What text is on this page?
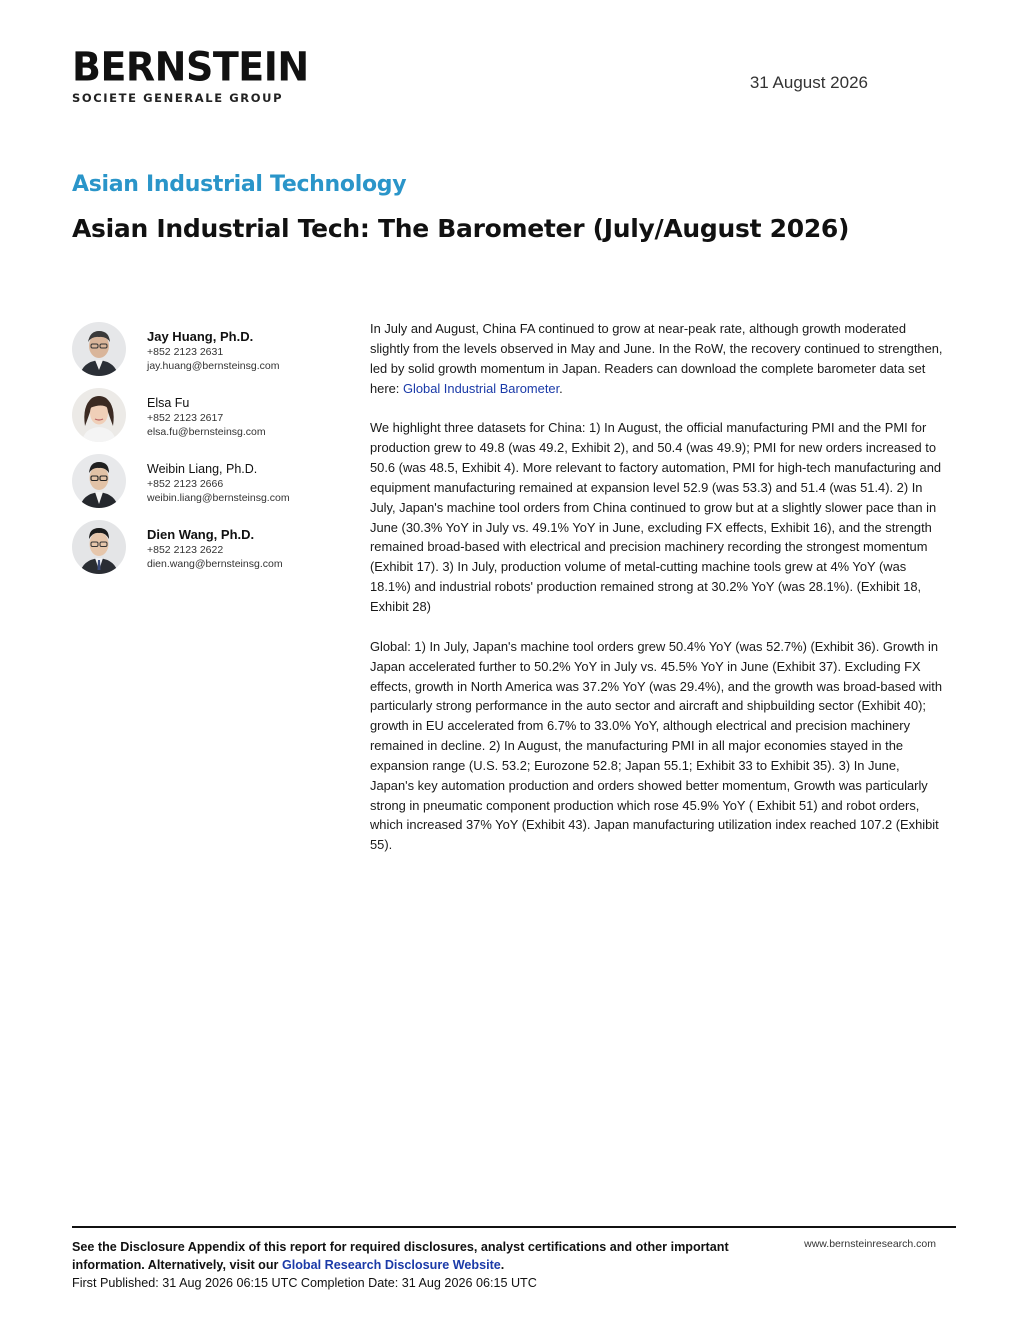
BERNSTEIN
SOCIETE GENERALE GROUP
31 August 2026
Asian Industrial Technology
Asian Industrial Tech: The Barometer (July/August 2026)
Jay Huang, Ph.D.
+852 2123 2631
jay.huang@bernsteinsg.com
Elsa Fu
+852 2123 2617
elsa.fu@bernsteinsg.com
Weibin Liang, Ph.D.
+852 2123 2666
weibin.liang@bernsteinsg.com
Dien Wang, Ph.D.
+852 2123 2622
dien.wang@bernsteinsg.com

In July and August, China FA continued to grow at near-peak rate, although growth moderated slightly from the levels observed in May and June. In the RoW, the recovery continued to strengthen, led by solid growth momentum in Japan. Readers can download the complete barometer data set here: Global Industrial Barometer.

We highlight three datasets for China: 1) In August, the official manufacturing PMI and the PMI for production grew to 49.8 (was 49.2, Exhibit 2), and 50.4 (was 49.9); PMI for new orders increased to 50.6 (was 48.5, Exhibit 4). More relevant to factory automation, PMI for high-tech manufacturing and equipment manufacturing remained at expansion level 52.9 (was 53.3) and 51.4 (was 51.4). 2) In July, Japan's machine tool orders from China continued to grow but at a slightly slower pace than in June (30.3% YoY in July vs. 49.1% YoY in June, excluding FX effects, Exhibit 16), and the strength remained broad-based with electrical and precision machinery recording the strongest momentum (Exhibit 17). 3) In July, production volume of metal-cutting machine tools grew at 4% YoY (was 18.1%) and industrial robots' production remained strong at 30.2% YoY (was 28.1%). (Exhibit 18, Exhibit 28)

Global: 1) In July, Japan's machine tool orders grew 50.4% YoY (was 52.7%) (Exhibit 36). Growth in Japan accelerated further to 50.2% YoY in July vs. 45.5% YoY in June (Exhibit 37). Excluding FX effects, growth in North America was 37.2% YoY (was 29.4%), and the growth was broad-based with particularly strong performance in the auto sector and aircraft and shipbuilding sector (Exhibit 40); growth in EU accelerated from 6.7% to 33.0% YoY, although electrical and precision machinery remained in decline. 2) In August, the manufacturing PMI in all major economies stayed in the expansion range (U.S. 53.2; Eurozone 52.8; Japan 55.1; Exhibit 33 to Exhibit 35). 3) In June, Japan's key automation production and orders showed better momentum, Growth was particularly strong in pneumatic component production which rose 45.9% YoY ( Exhibit 51) and robot orders, which increased 37% YoY (Exhibit 43). Japan manufacturing utilization index reached 107.2 (Exhibit 55).

See the Disclosure Appendix of this report for required disclosures, analyst certifications and other important information. Alternatively, visit our Global Research Disclosure Website.
First Published: 31 Aug 2026 06:15 UTC Completion Date: 31 Aug 2026 06:15 UTC
www.bernsteinresearch.com
